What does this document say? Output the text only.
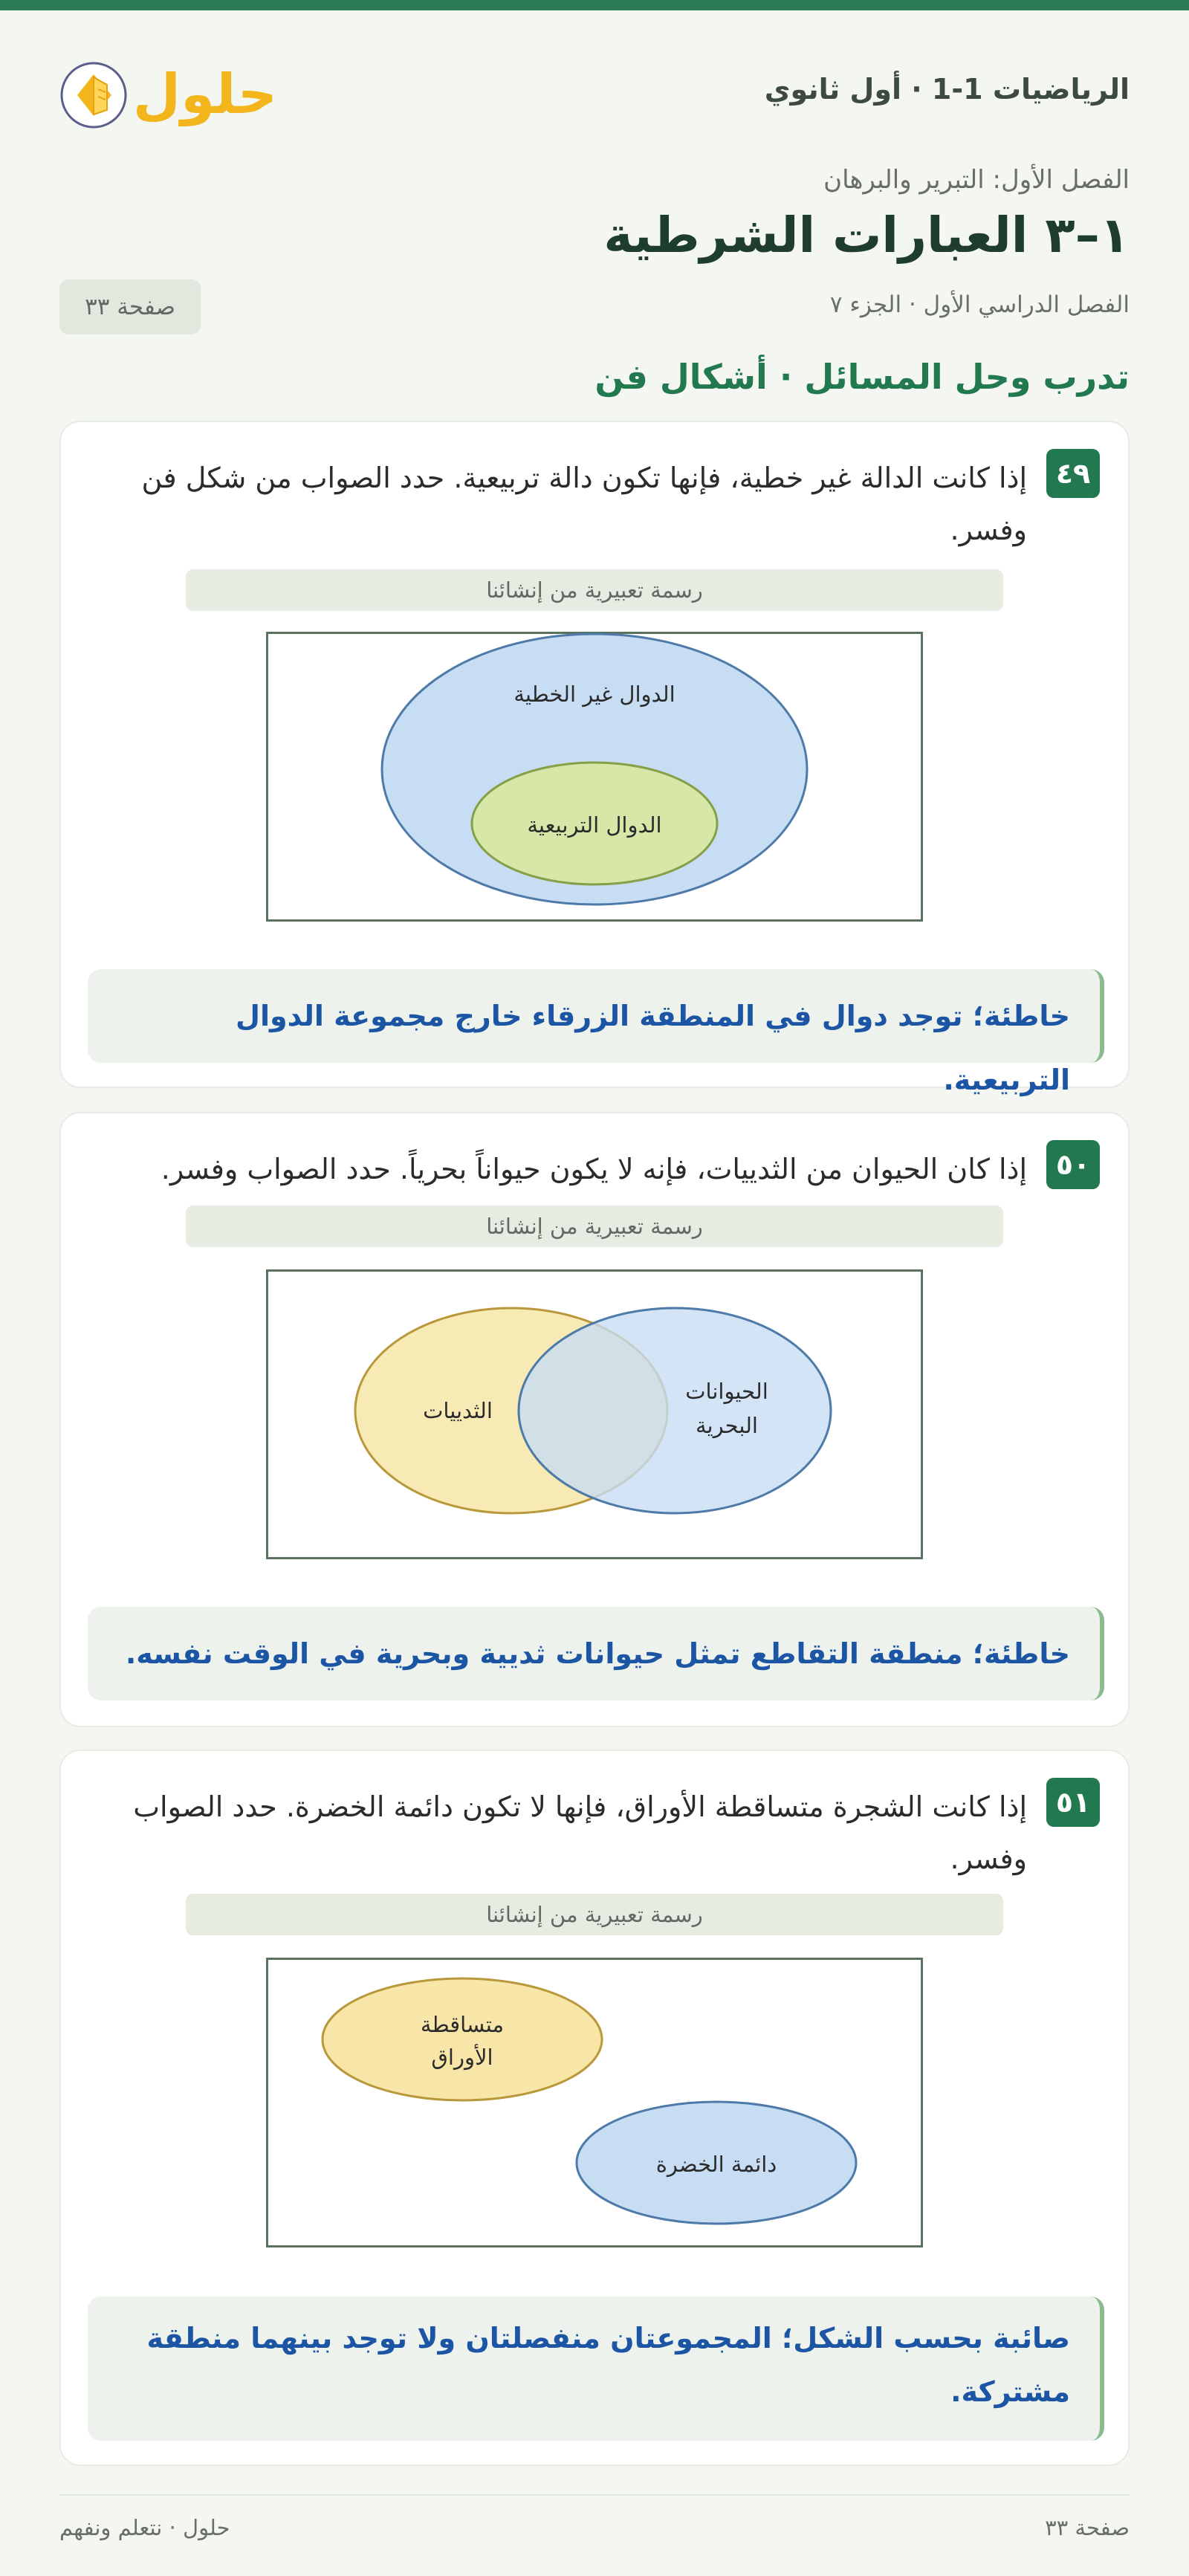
الرياضيات 1-1 · أول ثانوي
حلول
الفصل الأول: التبرير والبرهان
١–٣ العبارات الشرطية
الفصل الدراسي الأول · الجزء ٧
صفحة ٣٣
تدرب وحل المسائل · أشكال فن
٤٩
إذا كانت الدالة غير خطية، فإنها تكون دالة تربيعية. حدد الصواب من شكل فن وفسر.
رسمة تعبيرية من إنشائنا
الدوال غير الخطية
الدوال التربيعية
خاطئة؛ توجد دوال في المنطقة الزرقاء خارج مجموعة الدوال التربيعية.
٥٠
إذا كان الحيوان من الثدييات، فإنه لا يكون حيواناً بحرياً. حدد الصواب وفسر.
رسمة تعبيرية من إنشائنا
الثدييات
الحيوانات
البحرية
خاطئة؛ منطقة التقاطع تمثل حيوانات ثديية وبحرية في الوقت نفسه.
٥١
إذا كانت الشجرة متساقطة الأوراق، فإنها لا تكون دائمة الخضرة. حدد الصواب وفسر.
رسمة تعبيرية من إنشائنا
متساقطة
الأوراق
دائمة الخضرة
صائبة بحسب الشكل؛ المجموعتان منفصلتان ولا توجد بينهما منطقة مشتركة.
صفحة ٣٣
حلول · نتعلم ونفهم
